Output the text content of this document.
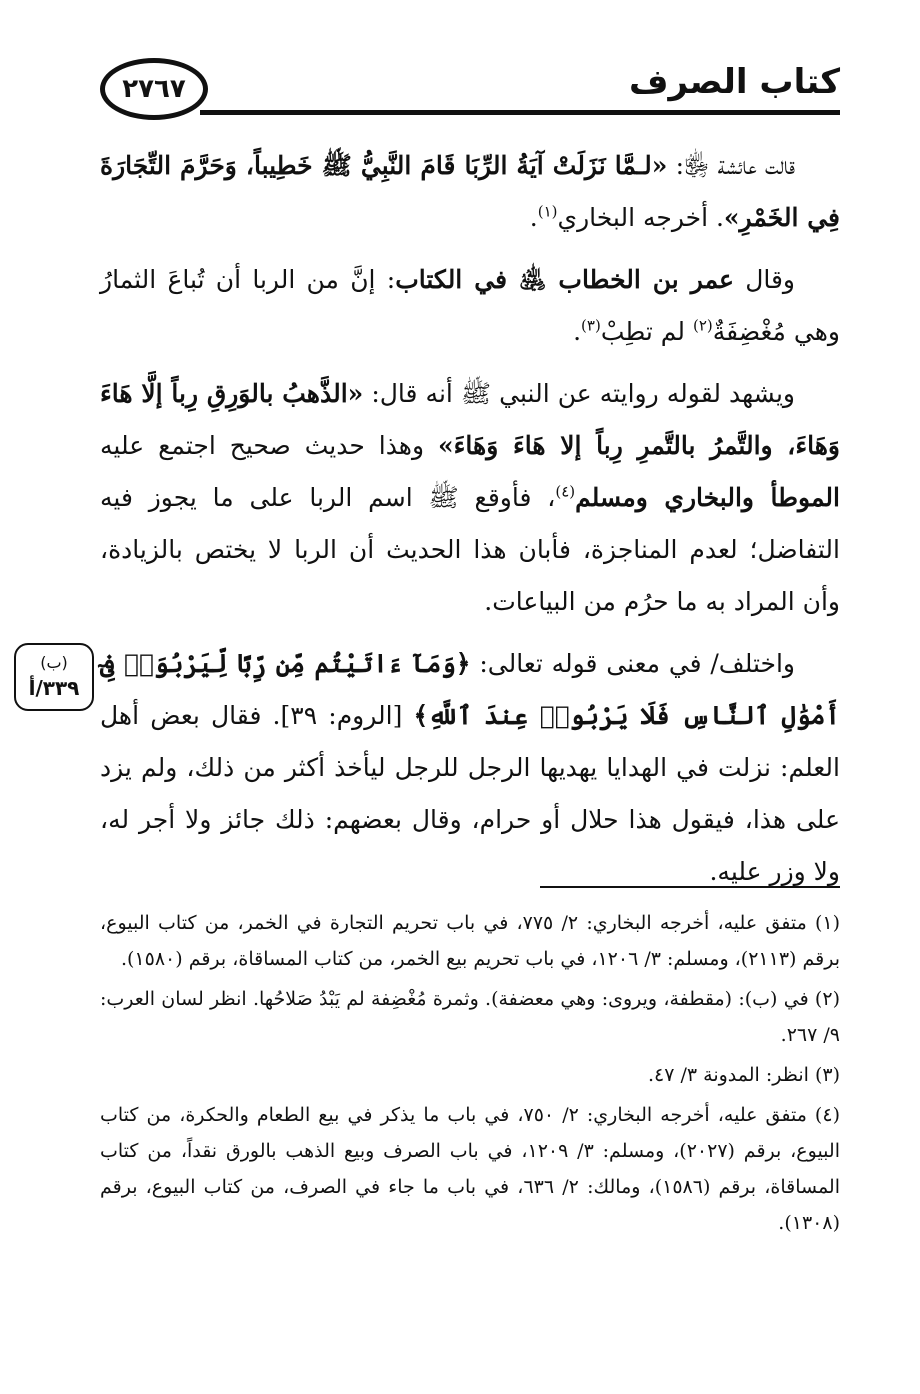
٢٧٦٧	كتاب الصرف
(ب)
٣٣٩/أ

قالت عائشة ﵂: «لـمَّا نَزَلَتْ آيَةُ الرِّبَا قَامَ النَّبِيُّ ﷺ خَطِيباً، وَحَرَّمَ التِّجَارَةَ فِي الخَمْرِ». أخرجه البخاري$^{(١)}$.

وقال عمر بن الخطاب ﵁ في الكتاب: إنَّ من الربا أن تُباعَ الثمارُ وهي مُغْضِفَةٌ$^{(٢)}$ لم تطِبْ$^{(٣)}$.

ويشهد لقوله روايته عن النبي ﷺ أنه قال: «الذَّهبُ بالوَرِقِ رِباً إلَّا هَاءَ وَهَاءَ، والتَّمرُ بالتَّمرِ رِباً إلا هَاءَ وَهَاءَ» وهذا حديث صحيح اجتمع عليه الموطأ والبخاري ومسلم$^{(٤)}$، فأوقع ﷺ اسم الربا على ما يجوز فيه التفاضل؛ لعدم المناجزة، فأبان هذا الحديث أن الربا لا يختص بالزيادة، وأن المراد به ما حرُم من البياعات.

واختلف/ في معنى قوله تعالى: ﴿وَمَآ ءَاتَيْتُم مِّن رِّبًا لِّيَرْبُوَا۟ فِىٓ أَمْوَٰلِ ٱلنَّاسِ فَلَا يَرْبُوا۟ عِندَ ٱللَّهِ﴾ [الروم: ٣٩]. فقال بعض أهل العلم: نزلت في الهدايا يهديها الرجل للرجل ليأخذ أكثر من ذلك، ولم يزد على هذا، فيقول هذا حلال أو حرام، وقال بعضهم: ذلك جائز ولا أجر له، ولا وزر عليه.

(١) متفق عليه، أخرجه البخاري: ٢/ ٧٧٥، في باب تحريم التجارة في الخمر، من كتاب البيوع، برقم (٢١١٣)، ومسلم: ٣/ ١٢٠٦، في باب تحريم بيع الخمر، من كتاب المساقاة، برقم (١٥٨٠).
(٢) في (ب): (مقطفة، ويروى: وهي معضفة). وثمرة مُغْضِفة لم يَبْدُ صَلاحُها. انظر لسان العرب: ٩/ ٢٦٧.
(٣) انظر: المدونة ٣/ ٤٧.
(٤) متفق عليه، أخرجه البخاري: ٢/ ٧٥٠، في باب ما يذكر في بيع الطعام والحكرة، من كتاب البيوع، برقم (٢٠٢٧)، ومسلم: ٣/ ١٢٠٩، في باب الصرف وبيع الذهب بالورق نقداً، من كتاب المساقاة، برقم (١٥٨٦)، ومالك: ٢/ ٦٣٦، في باب ما جاء في الصرف، من كتاب البيوع، برقم (١٣٠٨).
